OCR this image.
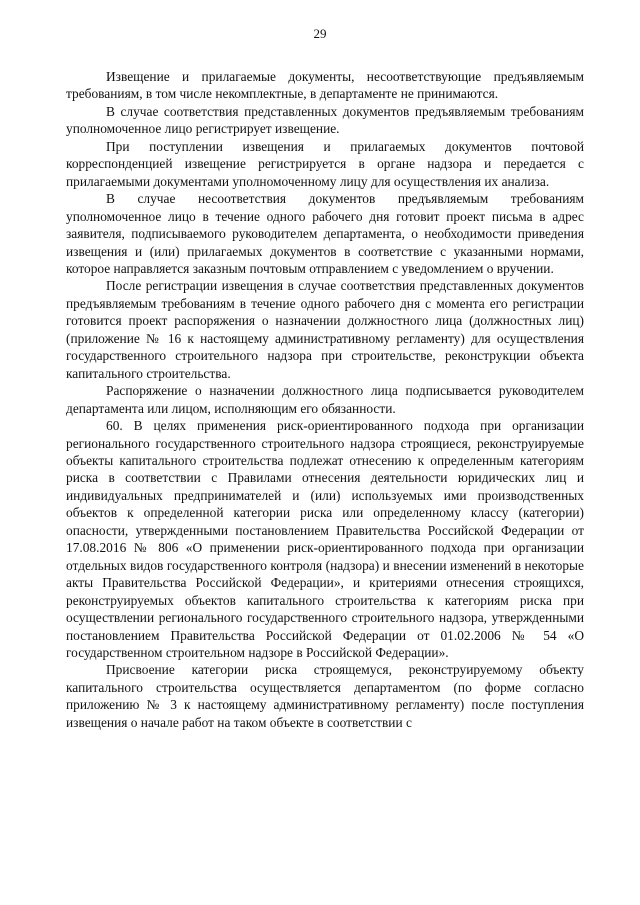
29

Извещение и прилагаемые документы, несоответствующие предъявляемым требованиям, в том числе некомплектные, в департаменте не принимаются.

В случае соответствия представленных документов предъявляемым требованиям уполномоченное лицо регистрирует извещение.

При поступлении извещения и прилагаемых документов почтовой корреспонденцией извещение регистрируется в органе надзора и передается с прилагаемыми документами уполномоченному лицу для осуществления их анализа.

В случае несоответствия документов предъявляемым требованиям уполномоченное лицо в течение одного рабочего дня готовит проект письма в адрес заявителя, подписываемого руководителем департамента, о необходимости приведения извещения и (или) прилагаемых документов в соответствие с указанными нормами, которое направляется заказным почтовым отправлением с уведомлением о вручении.

После регистрации извещения в случае соответствия представленных документов предъявляемым требованиям в течение одного рабочего дня с момента его регистрации готовится проект распоряжения о назначении должностного лица (должностных лиц) (приложение № 16 к настоящему административному регламенту) для осуществления государственного строительного надзора при строительстве, реконструкции объекта капитального строительства.

Распоряжение о назначении должностного лица подписывается руководителем департамента или лицом, исполняющим его обязанности.

60. В целях применения риск-ориентированного подхода при организации регионального государственного строительного надзора строящиеся, реконструируемые объекты капитального строительства подлежат отнесению к определенным категориям риска в соответствии с Правилами отнесения деятельности юридических лиц и индивидуальных предпринимателей и (или) используемых ими производственных объектов к определенной категории риска или определенному классу (категории) опасности, утвержденными постановлением Правительства Российской Федерации от 17.08.2016 № 806 «О применении риск-ориентированного подхода при организации отдельных видов государственного контроля (надзора) и внесении изменений в некоторые акты Правительства Российской Федерации», и критериями отнесения строящихся, реконструируемых объектов капитального строительства к категориям риска при осуществлении регионального государственного строительного надзора, утвержденными постановлением Правительства Российской Федерации от 01.02.2006 № 54 «О государственном строительном надзоре в Российской Федерации».

Присвоение категории риска строящемуся, реконструируемому объекту капитального строительства осуществляется департаментом (по форме согласно приложению № 3 к настоящему административному регламенту) после поступления извещения о начале работ на таком объекте в соответствии с
